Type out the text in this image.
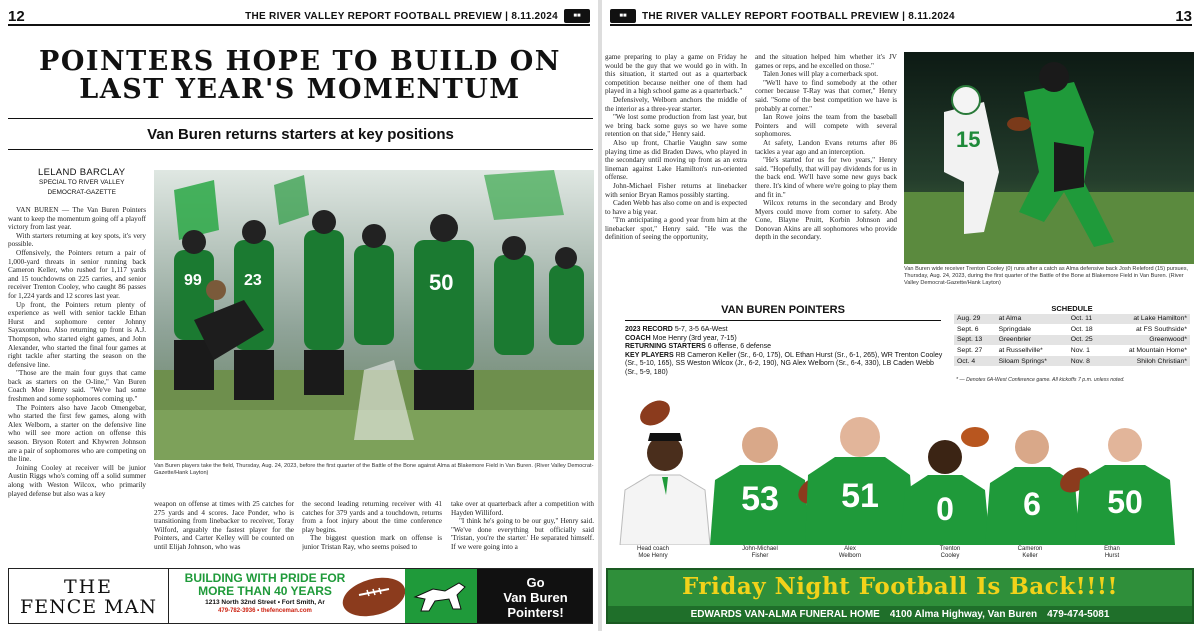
12	THE RIVER VALLEY REPORT FOOTBALL PREVIEW | 8.11.2024	■■
POINTERS HOPE TO BUILD ON
LAST YEAR'S MOMENTUM
Van Buren returns starters at key positions
LELAND BARCLAY
SPECIAL TO RIVER VALLEY
DEMOCRAT-GAZETTE

VAN BUREN — The Van Buren Pointers want to keep the momentum going off a playoff victory from last year.

With starters returning at key spots, it's very possible.

Offensively, the Pointers return a pair of 1,000-yard threats in senior running back Cameron Keller, who rushed for 1,117 yards and 15 touchdowns on 225 carries, and senior receiver Trenton Cooley, who caught 86 passes for 1,224 yards and 12 scores last year.

Up front, the Pointers return plenty of experience as well with senior tackle Ethan Hurst and sophomore center Johnny Sayaxomphou. Also returning up front is A.J. Thompson, who started eight games, and John Alexander, who started the final four games at right tackle after starting the season on the defensive line.

"Those are the main four guys that came back as starters on the O-line," Van Buren Coach Moe Henry said. "We've had some freshmen and some sophomores coming up."

The Pointers also have Jacob Omengebar, who started the first few games, along with Alex Welborn, a starter on the defensive line who will see more action on offense this season. Bryson Rotert and Khywren Johnson are a pair of sophomores who are competing on the line.

Joining Cooley at receiver will be junior Austin Riggs who's coming off a solid summer along with Weston Wilcox, who primarily played defense but also was a key

99	23	50
Van Buren players take the field, Thursday, Aug. 24, 2023, before the first quarter of the Battle of the Bone against Alma at Blakemore Field in Van Buren. (River Valley Democrat-Gazette/Hank Layton)

weapon on offense at times with 25 catches for 275 yards and 4 scores. Jace Ponder, who is transitioning from linebacker to receiver, Toray Wilford, arguably the fastest player for the Pointers, and Carter Kelley will be counted on until Elijah Johnson, who was

the second leading returning receiver with 41 catches for 379 yards and a touchdown, returns from a foot injury about the time conference play begins.

The biggest question mark on offense is junior Tristan Ray, who seems poised to

take over at quarterback after a competition with Hayden Williford.

"I think he's going to be our guy," Henry said. "We've done everything but officially said 'Tristan, you're the starter.' He separated himself. If we were going into a

THE
FENCE MAN
BUILDING WITH PRIDE FOR
MORE THAN 40 YEARS
1213 North 32nd Street • Fort Smith, Ar
479-782-3936 • thefenceman.com
Go
Van Buren
Pointers!
■■	THE RIVER VALLEY REPORT FOOTBALL PREVIEW | 8.11.2024	13

game preparing to play a game on Friday he would be the guy that we would go in with. In this situation, it started out as a quarterback competition because neither one of them had played in a high school game as a quarterback."

Defensively, Welborn anchors the middle of the interior as a three-year starter.

"We lost some production from last year, but we bring back some guys so we have some retention on that side," Henry said.

Also up front, Charlie Vaughn saw some playing time as did Braden Daws, who played in the secondary until moving up front as an extra lineman against Lake Hamilton's run-oriented offense.

John-Michael Fisher returns at linebacker with senior Bryan Ramos possibly starting.

Caden Webb has also come on and is expected to have a big year.

"I'm anticipating a good year from him at the linebacker spot," Henry said. "He was the definition of seeing the opportunity,

and the situation helped him whether it's JV games or reps, and he excelled on those."

Talen Jones will play a cornerback spot.

"We'll have to find somebody at the other corner because T-Ray was that corner," Henry said. "Some of the best competition we have is probably at corner."

Ian Rowe joins the team from the baseball Pointers and will compete with several sophomores.

At safety, Landon Evans returns after 86 tackles a year ago and an interception.

"He's started for us for two years," Henry said. "Hopefully, that will pay dividends for us in the back end. We'll have some new guys back there. It's kind of where we're going to play them and fit in."

Wilcox returns in the secondary and Brody Myers could move from corner to safety. Abe Cone, Blayne Pruitt, Korbin Johnson and Donovan Akins are all sophomores who provide depth in the secondary.

15
Van Buren wide receiver Trenton Cooley (0) runs after a catch as Alma defensive back Josh Releford (15) pursues, Thursday, Aug. 24, 2023, during the first quarter of the Battle of the Bone at Blakemore Field in Van Buren. (River Valley Democrat-Gazette/Hank Layton)
VAN BUREN POINTERS
2023 RECORD 5-7, 3-5 6A-West
COACH Moe Henry (3rd year, 7-15)
RETURNING STARTERS 6 offense, 6 defense
KEY PLAYERS RB Cameron Keller (Sr., 6-0, 175), OL Ethan Hurst (Sr., 6-1, 265), WR Trenton Cooley (Sr., 5-10, 165), SS Weston Wilcox (Jr., 6-2, 190), NG Alex Welborn (Sr., 6-4, 330), LB Caden Webb (Sr., 5-9, 180)
SCHEDULE
Aug. 29	at Alma	Oct. 11	at Lake Hamilton*
Sept. 6	Springdale	Oct. 18	at FS Southside*
Sept. 13	Greenbrier	Oct. 25	Greenwood*
Sept. 27	at Russellville*	Nov. 1	at Mountain Home*
Oct. 4	Siloam Springs*	Nov. 8	Shiloh Christian*
* — Denotes 6A-West Conference game. All kickoffs 7 p.m. unless noted.
53 51 0 6 50
Head coach
Moe Henry
John-Michael
Fisher
Alex
Welborn
Trenton
Cooley
Cameron
Keller
Ethan
Hurst
Friday Night Football Is Back!!!!
EDWARDS VAN-ALMA FUNERAL HOME 4100 Alma Highway, Van Buren 479-474-5081
